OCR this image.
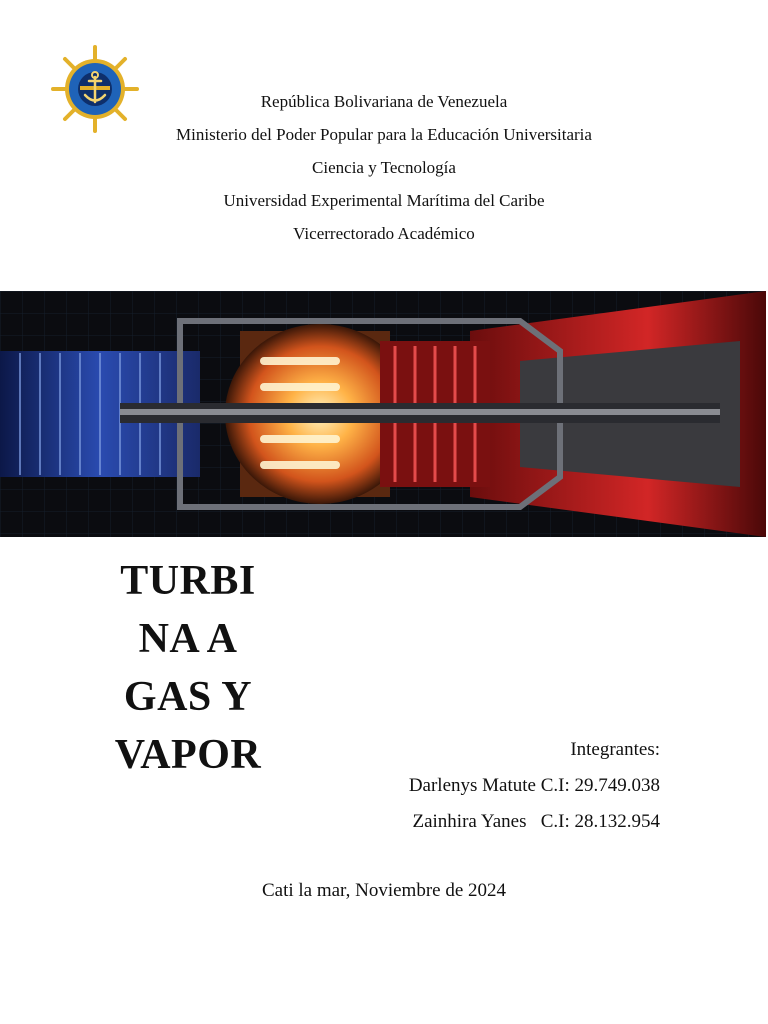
República Bolivariana de Venezuela
Ministerio del Poder Popular para la Educación Universitaria
Ciencia y Tecnología
Universidad Experimental Marítima del Caribe
Vicerrectorado Académico
TURBI
NA A
GAS Y
VAPOR	Integrantes:
Darlenys Matute C.I: 29.749.038
Zainhira Yanes   C.I: 28.132.954
Cati la mar, Noviembre de 2024
